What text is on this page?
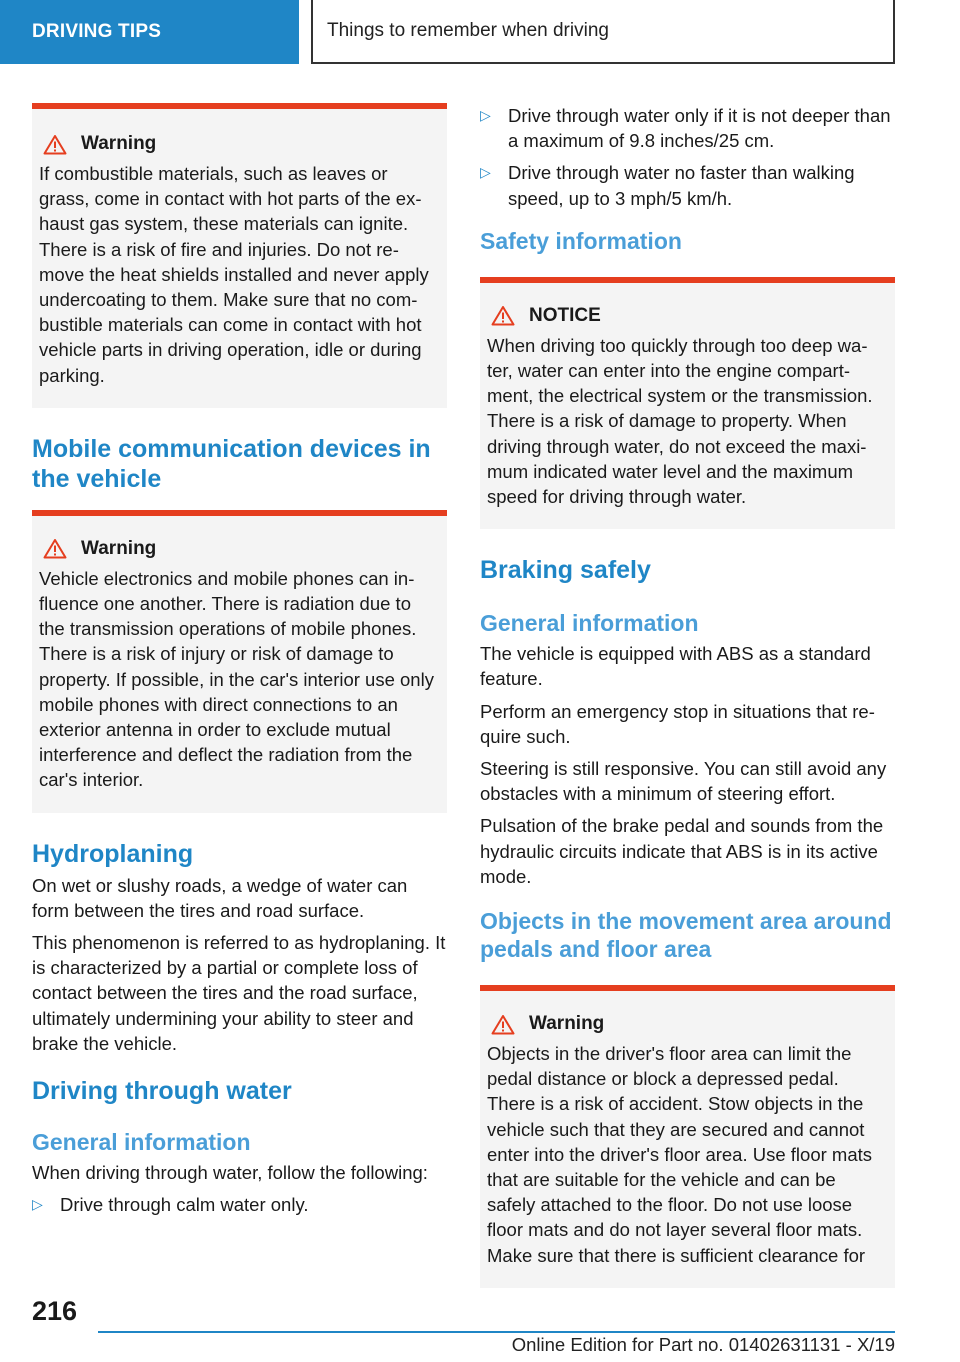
DRIVING TIPS	Things to remember when driving
Warning

If combustible materials, such as leaves or grass, come in contact with hot parts of the ex-haust gas system, these materials can ignite. There is a risk of fire and injuries. Do not re-move the heat shields installed and never apply undercoating to them. Make sure that no com-bustible materials can come in contact with hot vehicle parts in driving operation, idle or during parking.

Mobile communication devices in the vehicle
Warning

Vehicle electronics and mobile phones can in-fluence one another. There is radiation due to the transmission operations of mobile phones. There is a risk of injury or risk of damage to property. If possible, in the car's interior use only mobile phones with direct connections to an exterior antenna in order to exclude mutual interference and deflect the radiation from the car's interior.

Hydroplaning

On wet or slushy roads, a wedge of water can form between the tires and road surface.

This phenomenon is referred to as hydroplaning. It is characterized by a partial or complete loss of contact between the tires and the road surface, ultimately undermining your ability to steer and brake the vehicle.

Driving through water
General information

When driving through water, follow the following:

▷ Drive through calm water only.
▷ Drive through water only if it is not deeper than a maximum of 9.8 inches/25 cm.
▷ Drive through water no faster than walking speed, up to 3 mph/5 km/h.
Safety information
NOTICE

When driving too quickly through too deep wa-ter, water can enter into the engine compart-ment, the electrical system or the transmission. There is a risk of damage to property. When driving through water, do not exceed the maxi-mum indicated water level and the maximum speed for driving through water.

Braking safely
General information

The vehicle is equipped with ABS as a standard feature.

Perform an emergency stop in situations that re-quire such.

Steering is still responsive. You can still avoid any obstacles with a minimum of steering effort.

Pulsation of the brake pedal and sounds from the hydraulic circuits indicate that ABS is in its active mode.

Objects in the movement area around pedals and floor area
Warning

Objects in the driver's floor area can limit the pedal distance or block a depressed pedal. There is a risk of accident. Stow objects in the vehicle such that they are secured and cannot enter into the driver's floor area. Use floor mats that are suitable for the vehicle and can be safely attached to the floor. Do not use loose floor mats and do not layer several floor mats. Make sure that there is sufficient clearance for

216
Online Edition for Part no. 01402631131 - X/19
